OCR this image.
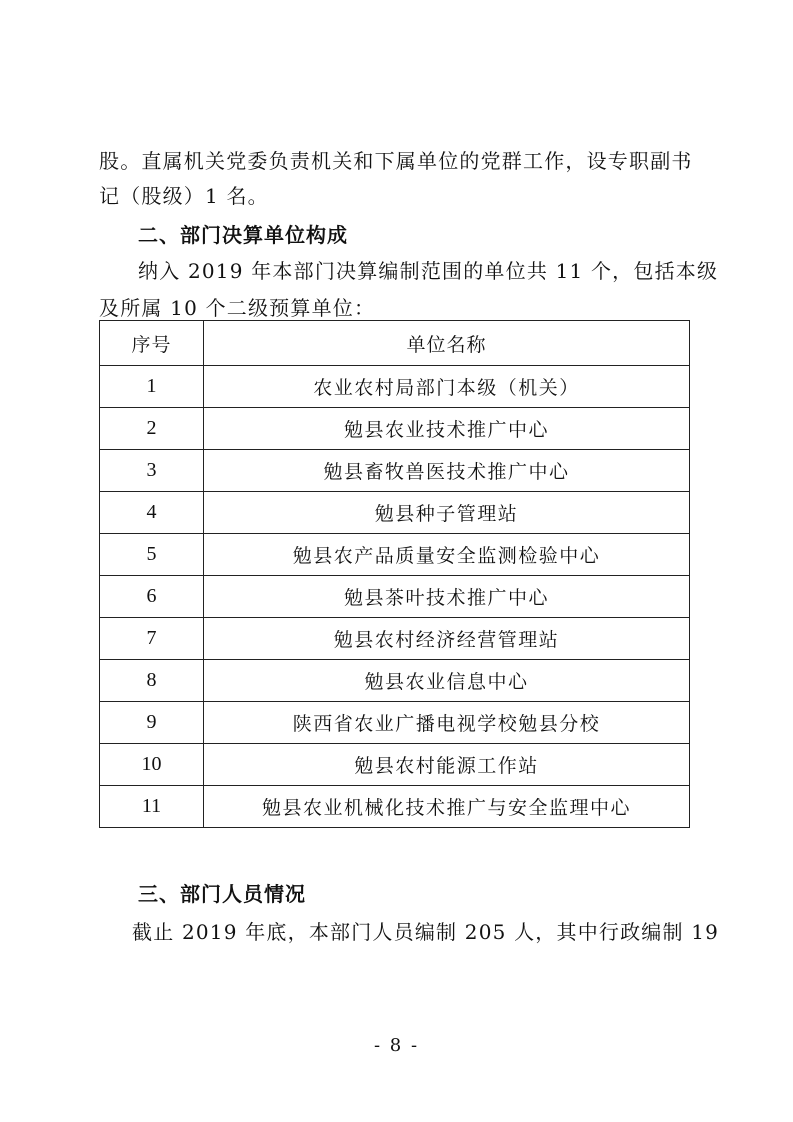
股。直属机关党委负责机关和下属单位的党群工作，设专职副书
记（股级）1 名。
二、部门决算单位构成
纳入 2019 年本部门决算编制范围的单位共 11 个，包括本级
及所属 10 个二级预算单位：
序号	单位名称
1	农业农村局部门本级（机关）
2	勉县农业技术推广中心
3	勉县畜牧兽医技术推广中心
4	勉县种子管理站
5	勉县农产品质量安全监测检验中心
6	勉县茶叶技术推广中心
7	勉县农村经济经营管理站
8	勉县农业信息中心
9	陕西省农业广播电视学校勉县分校
10	勉县农村能源工作站
11	勉县农业机械化技术推广与安全监理中心
三、部门人员情况
截止 2019 年底，本部门人员编制 205 人，其中行政编制 19
- 8 -
